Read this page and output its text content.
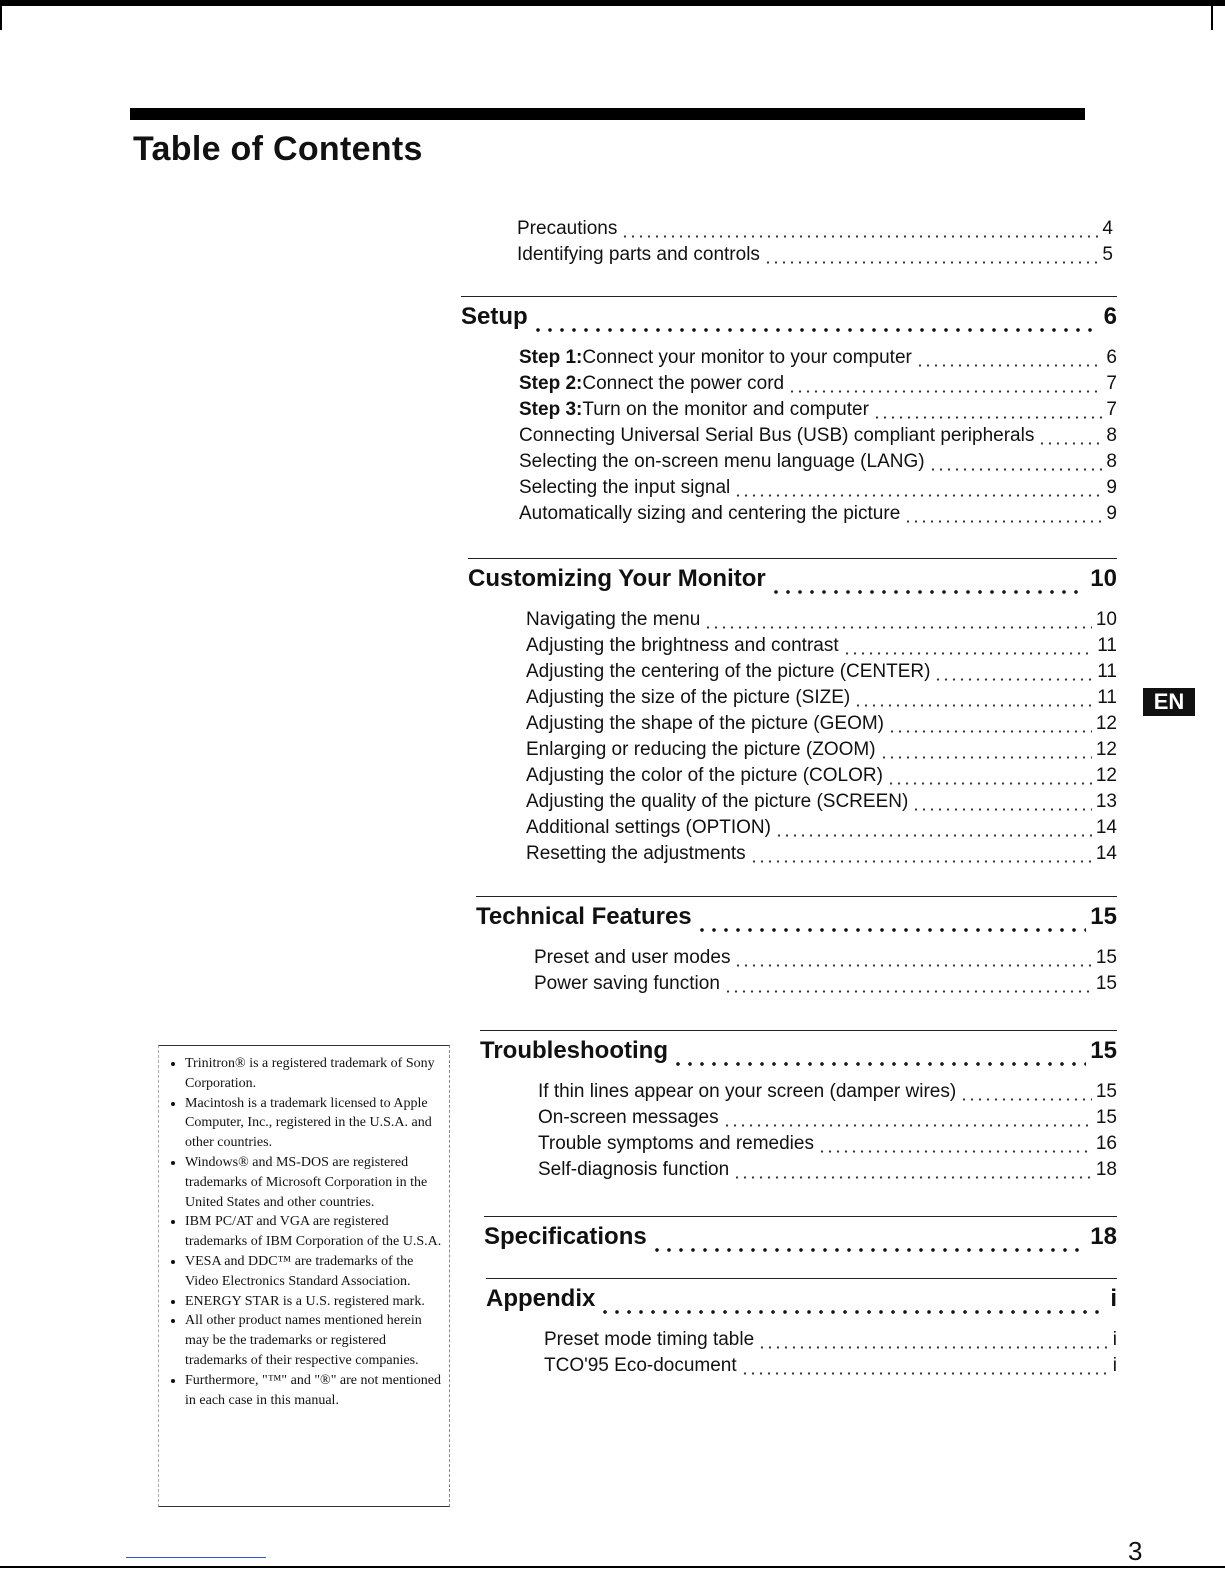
Table of Contents
Precautions	4
Identifying parts and controls	5
Setup	6
Step 1: Connect your monitor to your computer	6
Step 2: Connect the power cord	7
Step 3: Turn on the monitor and computer	7
Connecting Universal Serial Bus (USB) compliant peripherals	8
Selecting the on-screen menu language (LANG)	8
Selecting the input signal	9
Automatically sizing and centering the picture	9
Customizing Your Monitor	10
Navigating the menu	10
Adjusting the brightness and contrast	11
Adjusting the centering of the picture (CENTER)	11
Adjusting the size of the picture (SIZE)	11
Adjusting the shape of the picture (GEOM)	12
Enlarging or reducing the picture (ZOOM)	12
Adjusting the color of the picture (COLOR)	12
Adjusting the quality of the picture (SCREEN)	13
Additional settings (OPTION)	14
Resetting the adjustments	14
Technical Features	15
Preset and user modes	15
Power saving function	15
Troubleshooting	15
If thin lines appear on your screen (damper wires)	15
On-screen messages	15
Trouble symptoms and remedies	16
Self-diagnosis function	18
Specifications	18
Appendix	i
Preset mode timing table	i
TCO'95 Eco-document	i
EN
• Trinitron® is a registered trademark of Sony Corporation.
• Macintosh is a trademark licensed to Apple Computer, Inc., registered in the U.S.A. and other countries.
• Windows® and MS-DOS are registered trademarks of Microsoft Corporation in the United States and other countries.
• IBM PC/AT and VGA are registered trademarks of IBM Corporation of the U.S.A.
• VESA and DDC™ are trademarks of the Video Electronics Standard Association.
• ENERGY STAR is a U.S. registered mark.
• All other product names mentioned herein may be the trademarks or registered trademarks of their respective companies.
• Furthermore, "™" and "®" are not mentioned in each case in this manual.
3
